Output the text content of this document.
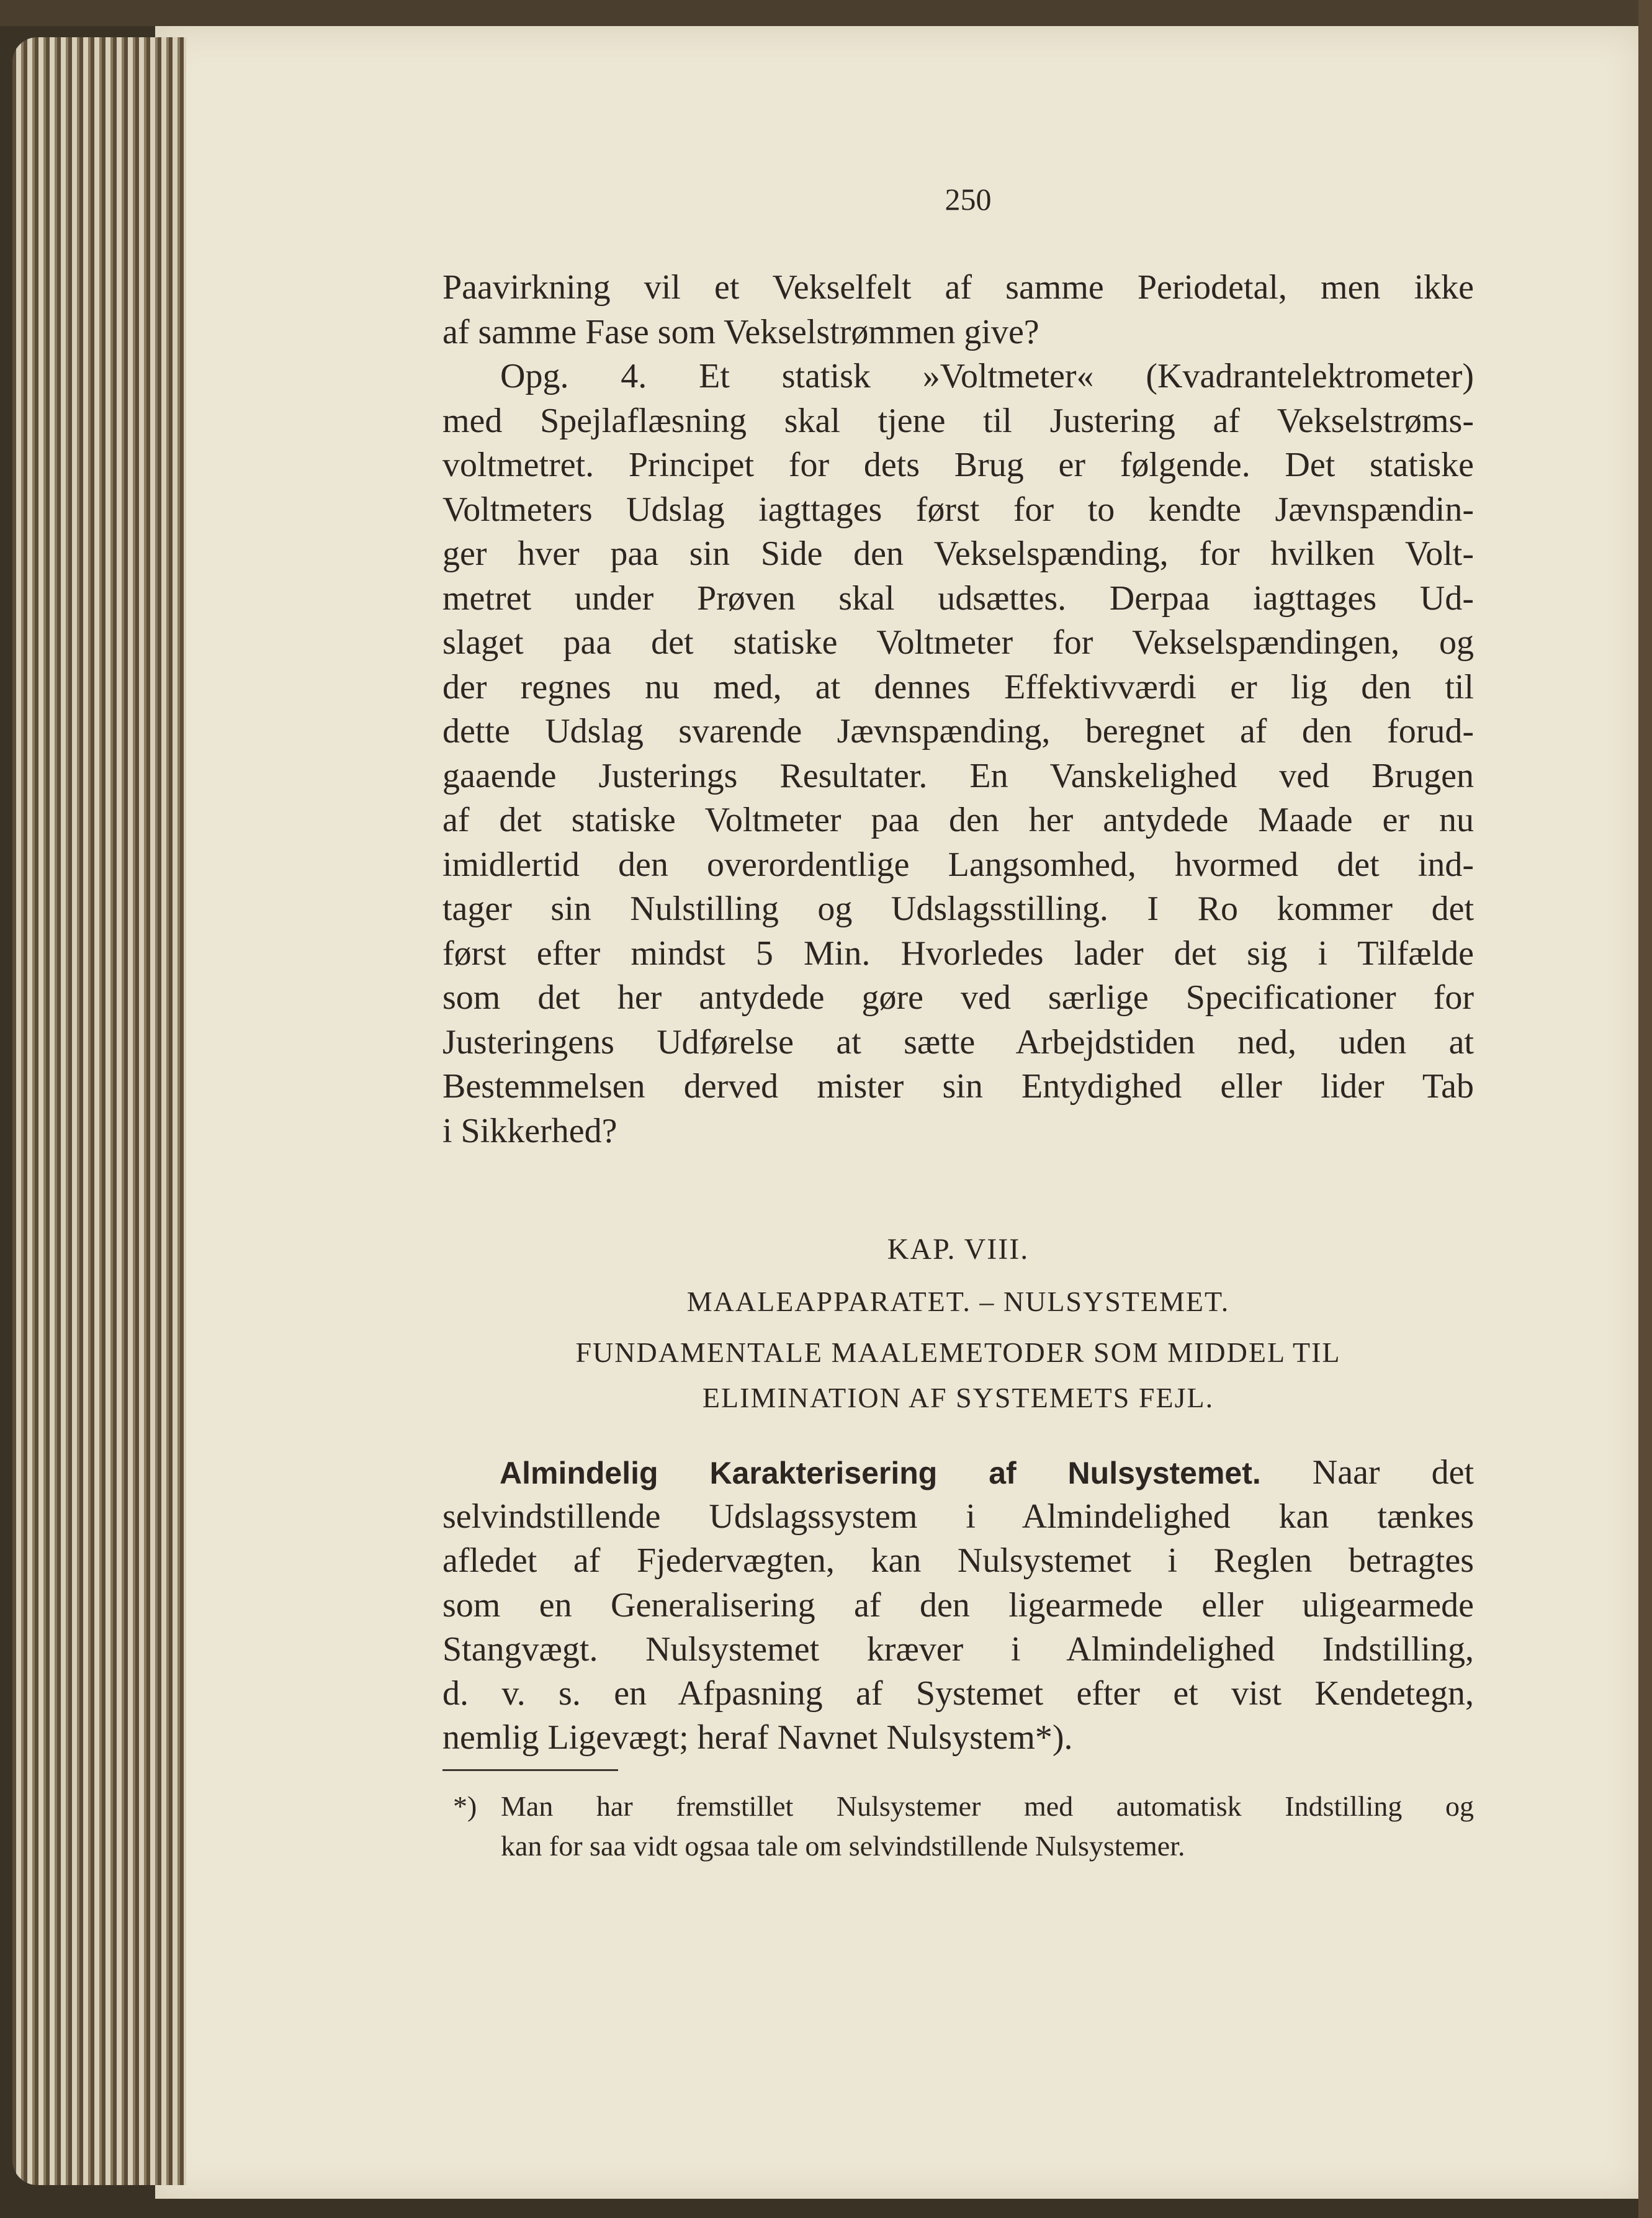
250
Paavirkning vil et Vekselfelt af samme Periodetal, men ikke
af samme Fase som Vekselstrømmen give?
Opg. 4. Et statisk »Voltmeter« (Kvadrantelektrometer)
med Spejlaflæsning skal tjene til Justering af Vekselstrøms-
voltmetret. Principet for dets Brug er følgende. Det statiske
Voltmeters Udslag iagttages først for to kendte Jævnspændin-
ger hver paa sin Side den Vekselspænding, for hvilken Volt-
metret under Prøven skal udsættes. Derpaa iagttages Ud-
slaget paa det statiske Voltmeter for Vekselspændingen, og
der regnes nu med, at dennes Effektivværdi er lig den til
dette Udslag svarende Jævnspænding, beregnet af den forud-
gaaende Justerings Resultater. En Vanskelighed ved Brugen
af det statiske Voltmeter paa den her antydede Maade er nu
imidlertid den overordentlige Langsomhed, hvormed det ind-
tager sin Nulstilling og Udslagsstilling. I Ro kommer det
først efter mindst 5 Min. Hvorledes lader det sig i Tilfælde
som det her antydede gøre ved særlige Specificationer for
Justeringens Udførelse at sætte Arbejdstiden ned, uden at
Bestemmelsen derved mister sin Entydighed eller lider Tab
i Sikkerhed?
KAP. VIII.
MAALEAPPARATET. – NULSYSTEMET.
FUNDAMENTALE MAALEMETODER SOM MIDDEL TIL
ELIMINATION AF SYSTEMETS FEJL.
Almindelig Karakterisering af Nulsystemet. Naar det
selvindstillende Udslagssystem i Almindelighed kan tænkes
afledet af Fjedervægten, kan Nulsystemet i Reglen betragtes
som en Generalisering af den ligearmede eller uligearmede
Stangvægt. Nulsystemet kræver i Almindelighed Indstilling,
d. v. s. en Afpasning af Systemet efter et vist Kendetegn,
nemlig Ligevægt; heraf Navnet Nulsystem*).
*) Man har fremstillet Nulsystemer med automatisk Indstilling og
kan for saa vidt ogsaa tale om selvindstillende Nulsystemer.
